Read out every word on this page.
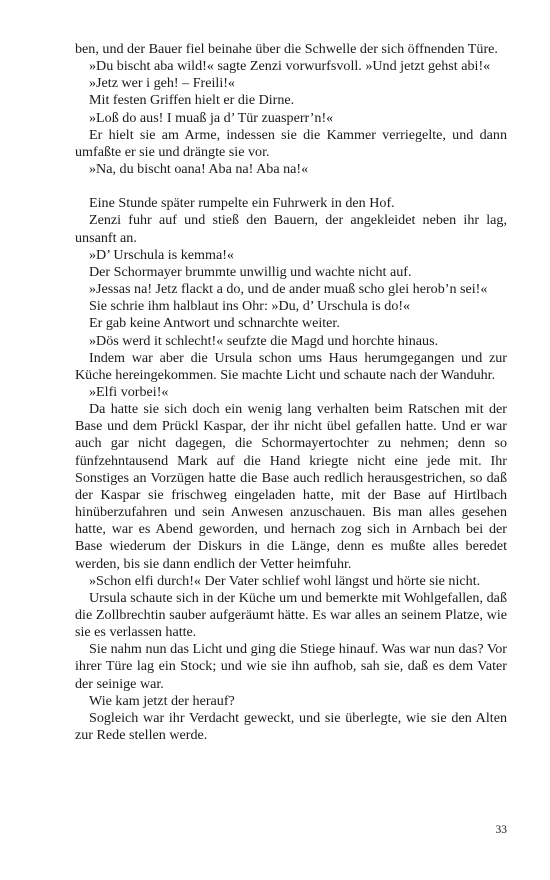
ben, und der Bauer fiel beinahe über die Schwelle der sich öffnenden Türe.

»Du bischt aba wild!« sagte Zenzi vorwurfsvoll. »Und jetzt gehst abi!«

»Jetz wer i geh! – Freili!«

Mit festen Griffen hielt er die Dirne.

»Loß do aus! I muaß ja d’ Tür zuasperr’n!«

Er hielt sie am Arme, indessen sie die Kammer verriegelte, und dann umfaßte er sie und drängte sie vor.

»Na, du bischt oana! Aba na! Aba na!«

Eine Stunde später rumpelte ein Fuhrwerk in den Hof.

Zenzi fuhr auf und stieß den Bauern, der angekleidet neben ihr lag, unsanft an.

»D’ Urschula is kemma!«

Der Schormayer brummte unwillig und wachte nicht auf.

»Jessas na! Jetz flackt a do, und de ander muaß scho glei herob’n sei!«

Sie schrie ihm halblaut ins Ohr: »Du, d’ Urschula is do!«

Er gab keine Antwort und schnarchte weiter.

»Dös werd it schlecht!« seufzte die Magd und horchte hinaus.

Indem war aber die Ursula schon ums Haus herumgegangen und zur Küche hereingekommen. Sie machte Licht und schaute nach der Wanduhr.

»Elfi vorbei!«

Da hatte sie sich doch ein wenig lang verhalten beim Ratschen mit der Base und dem Prückl Kaspar, der ihr nicht übel gefallen hatte. Und er war auch gar nicht dagegen, die Schormayertochter zu nehmen; denn so fünfzehntausend Mark auf die Hand kriegte nicht eine jede mit. Ihr Sonstiges an Vorzügen hatte die Base auch redlich herausgestrichen, so daß der Kaspar sie frischweg eingeladen hatte, mit der Base auf Hirtlbach hinüberzufahren und sein Anwesen anzuschauen. Bis man alles gesehen hatte, war es Abend geworden, und hernach zog sich in Arnbach bei der Base wiederum der Diskurs in die Länge, denn es mußte alles beredet werden, bis sie dann endlich der Vetter heimfuhr.

»Schon elfi durch!« Der Vater schlief wohl längst und hörte sie nicht.

Ursula schaute sich in der Küche um und bemerkte mit Wohlgefallen, daß die Zollbrechtin sauber aufgeräumt hätte. Es war alles an seinem Platze, wie sie es verlassen hatte.

Sie nahm nun das Licht und ging die Stiege hinauf. Was war nun das? Vor ihrer Türe lag ein Stock; und wie sie ihn aufhob, sah sie, daß es dem Vater der seinige war.

Wie kam jetzt der herauf?

Sogleich war ihr Verdacht geweckt, und sie überlegte, wie sie den Alten zur Rede stellen werde.

33
